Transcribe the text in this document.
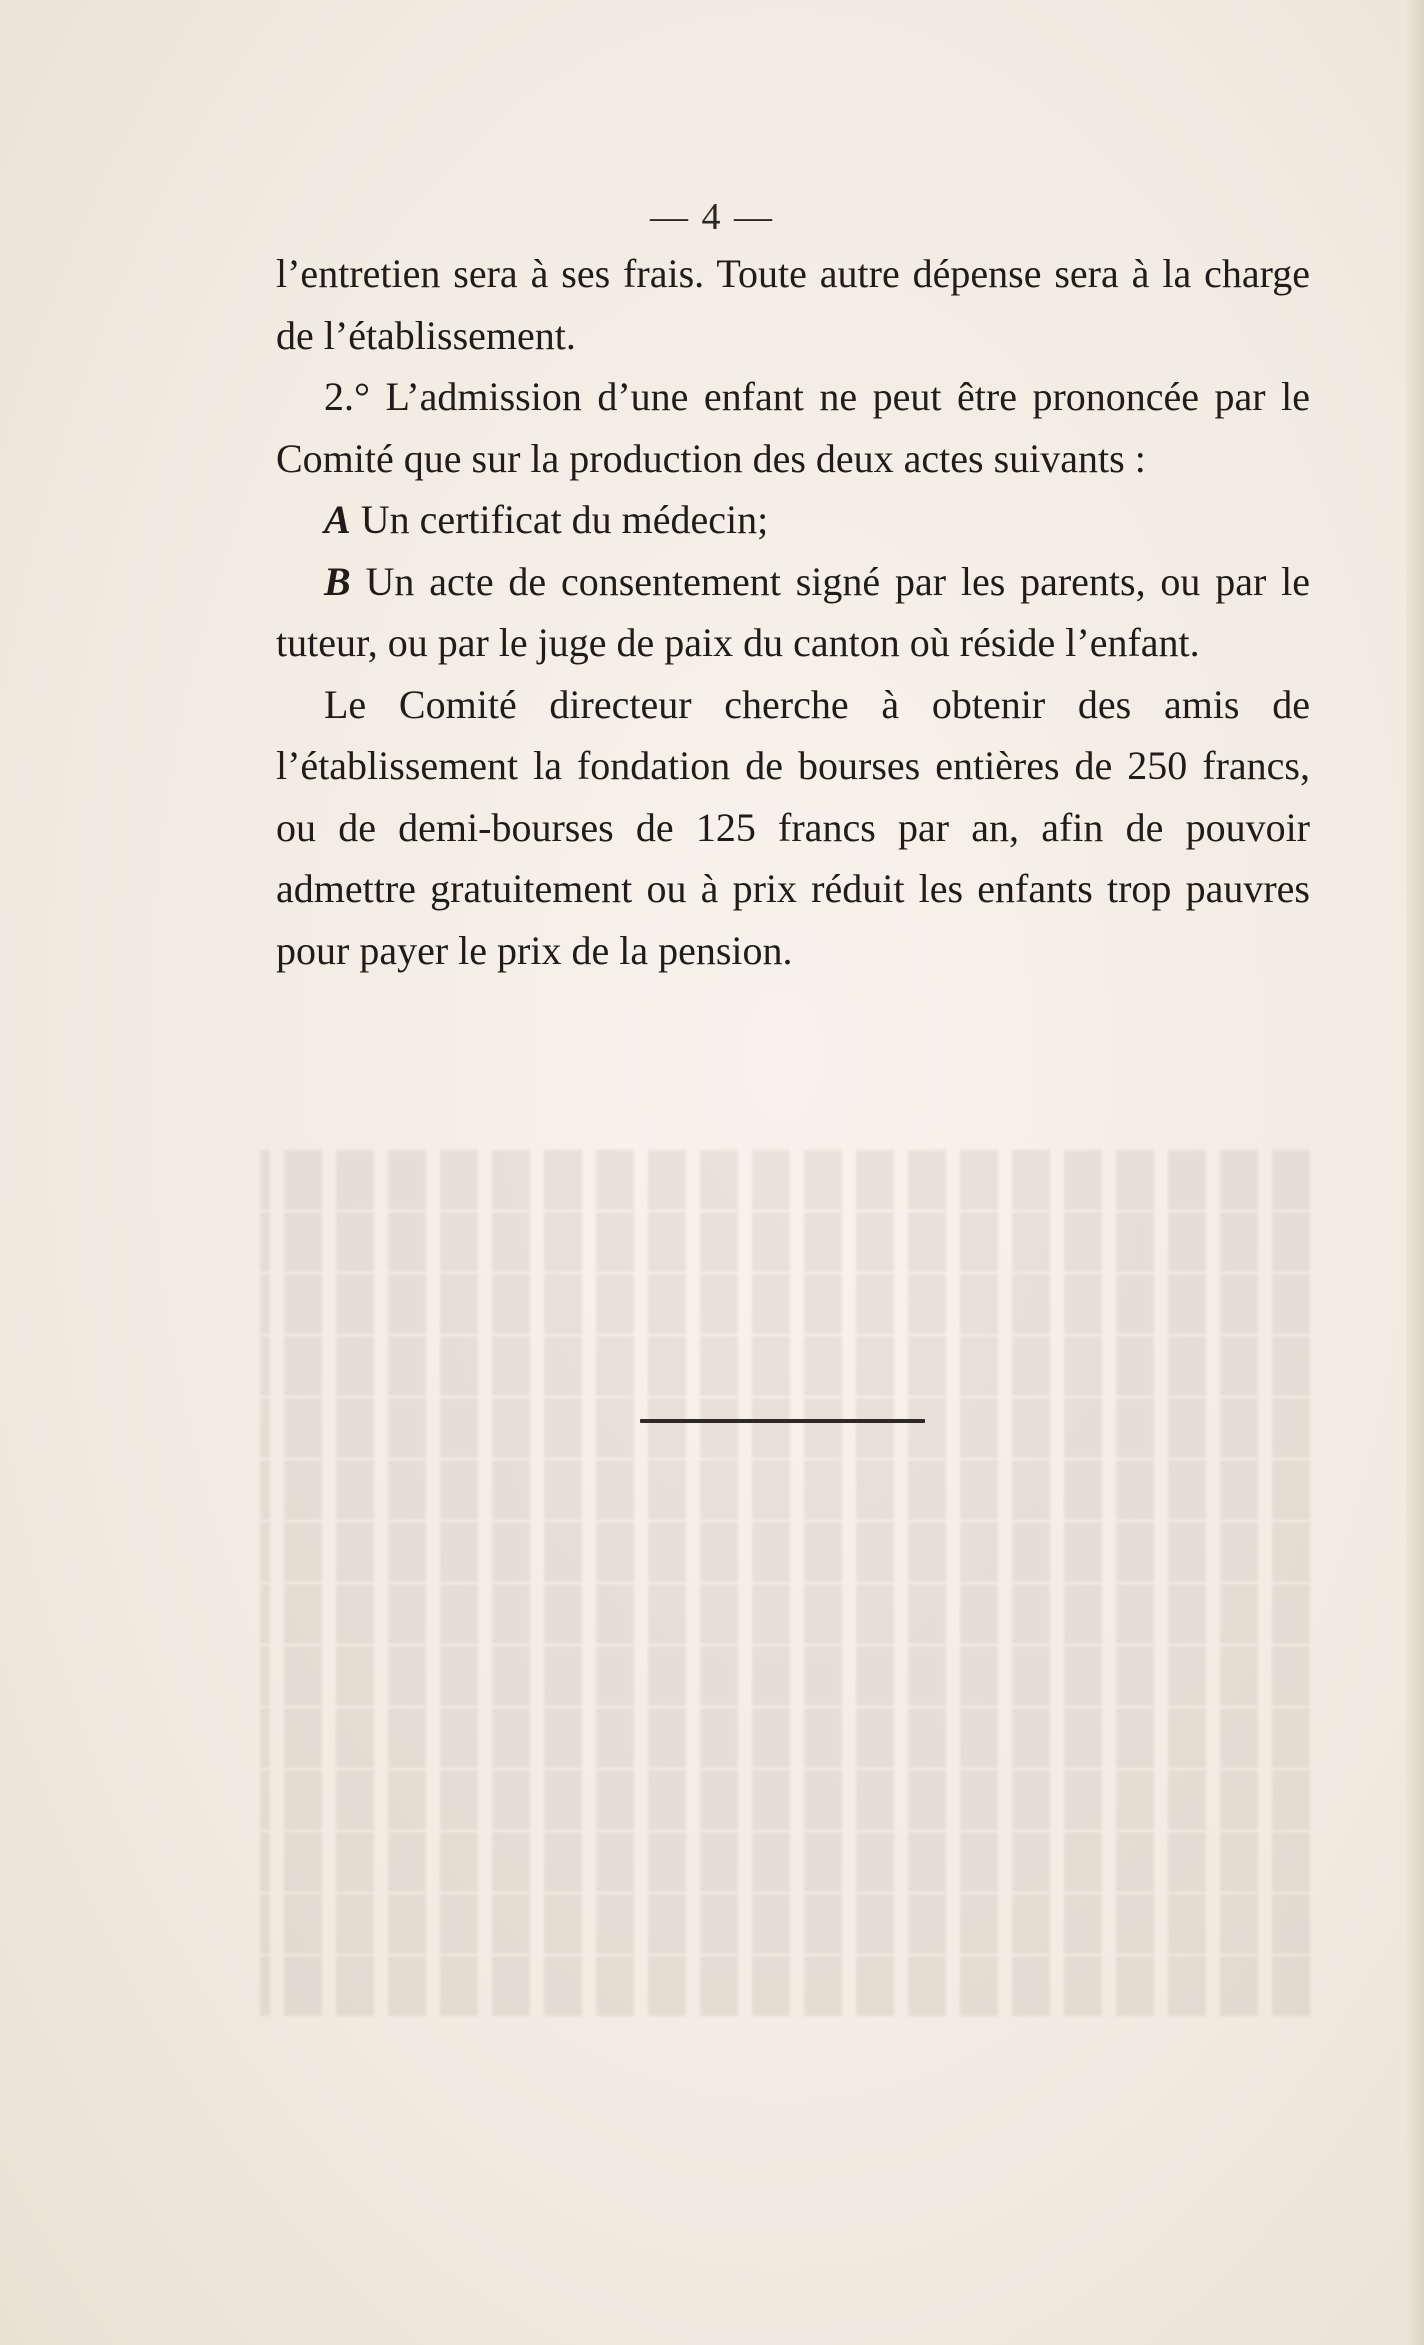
— 4 —

l’entretien sera à ses frais. Toute autre dépense sera à la charge de l’établissement.

2.° L’admission d’une enfant ne peut être prononcée par le Comité que sur la production des deux actes suivants :

A Un certificat du médecin;

B Un acte de consentement signé par les parents, ou par le tuteur, ou par le juge de paix du canton où réside l’enfant.

Le Comité directeur cherche à obtenir des amis de l’établissement la fondation de bourses entières de 250 francs, ou de demi-bourses de 125 francs par an, afin de pouvoir admettre gratuitement ou à prix réduit les enfants trop pauvres pour payer le prix de la pension.
